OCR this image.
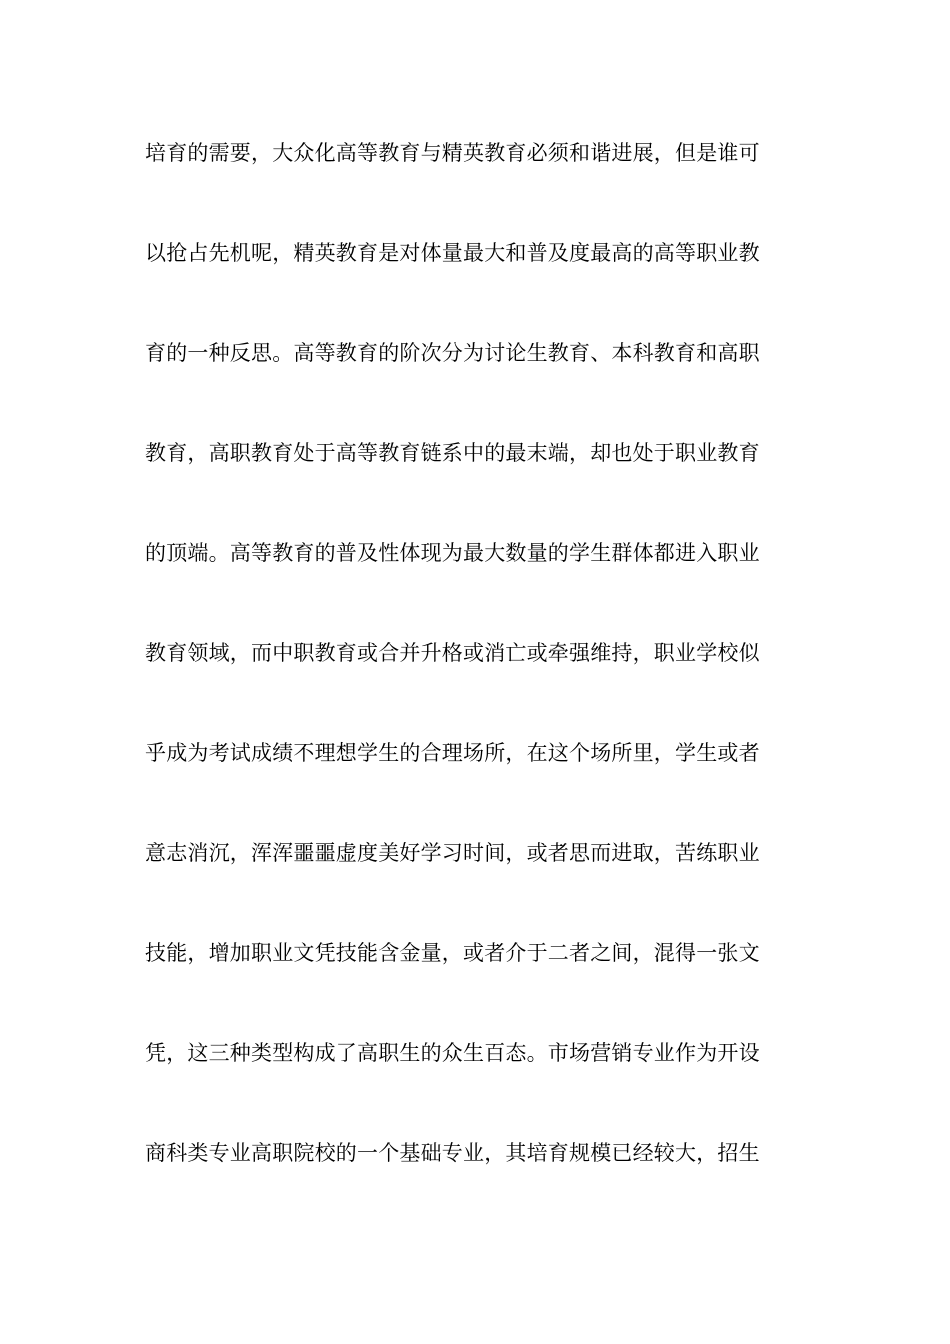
培育的需要，大众化高等教育与精英教育必须和谐进展，但是谁可
以抢占先机呢，精英教育是对体量最大和普及度最高的高等职业教
育的一种反思。高等教育的阶次分为讨论生教育、本科教育和高职
教育，高职教育处于高等教育链系中的最末端，却也处于职业教育
的顶端。高等教育的普及性体现为最大数量的学生群体都进入职业
教育领域，而中职教育或合并升格或消亡或牵强维持，职业学校似
乎成为考试成绩不理想学生的合理场所，在这个场所里，学生或者
意志消沉，浑浑噩噩虚度美好学习时间，或者思而进取，苦练职业
技能，增加职业文凭技能含金量，或者介于二者之间，混得一张文
凭，这三种类型构成了高职生的众生百态。市场营销专业作为开设
商科类专业高职院校的一个基础专业，其培育规模已经较大，招生
